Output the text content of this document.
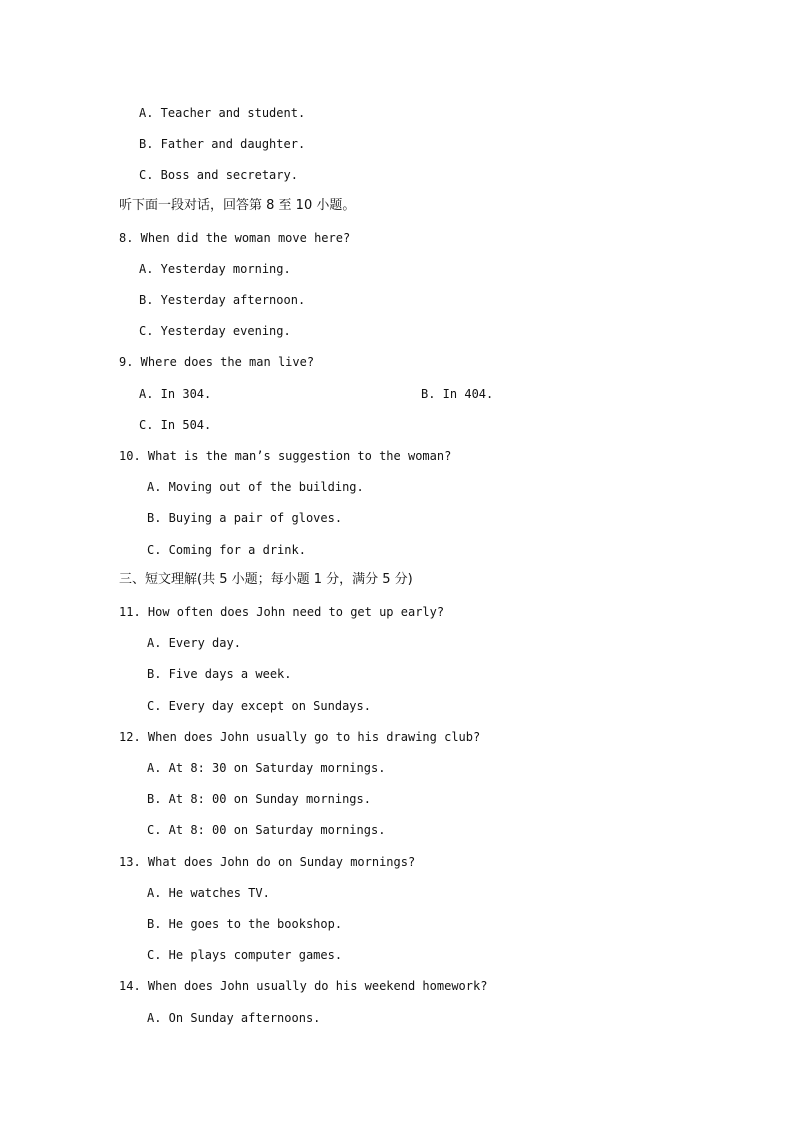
A. Teacher and student.
B. Father and daughter.
C. Boss and secretary.
听下面一段对话，回答第 8 至 10 小题。
8. When did the woman move here?
A. Yesterday morning.
B. Yesterday afternoon.
C. Yesterday evening.
9. Where does the man live?
A. In 304.	B. In 404.
C. In 504.
10. What is the man’s suggestion to the woman?
A. Moving out of the building.
B. Buying a pair of gloves.
C. Coming for a drink.
三、短文理解(共 5 小题；每小题 1 分，满分 5 分)
11. How often does John need to get up early?
A. Every day.
B. Five days a week.
C. Every day except on Sundays.
12. When does John usually go to his drawing club?
A. At 8: 30 on Saturday mornings.
B. At 8: 00 on Sunday mornings.
C. At 8: 00 on Saturday mornings.
13. What does John do on Sunday mornings?
A. He watches TV.
B. He goes to the bookshop.
C. He plays computer games.
14. When does John usually do his weekend homework?
A. On Sunday afternoons.
